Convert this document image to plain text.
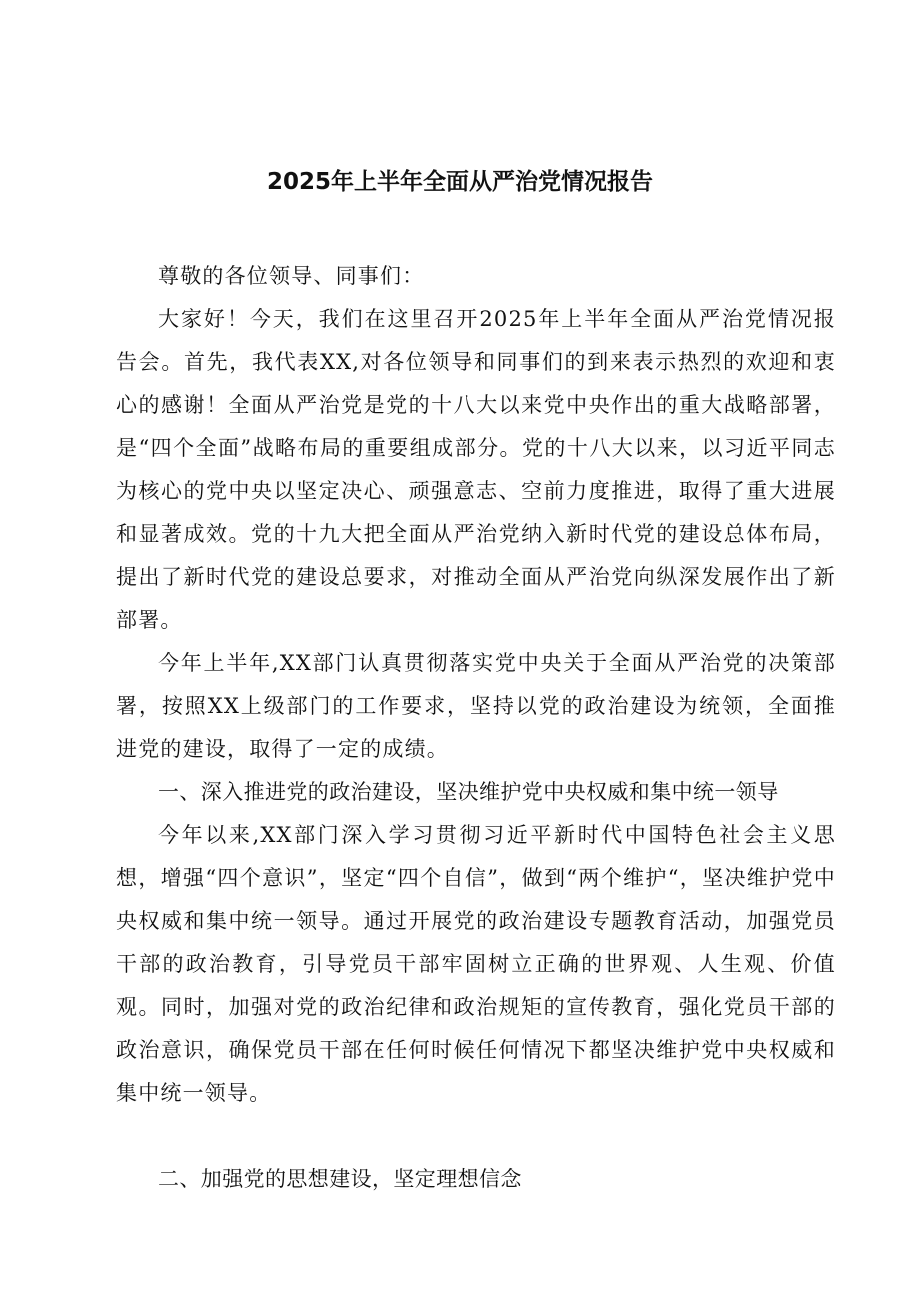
2025年上半年全面从严治党情况报告

尊敬的各位领导、同事们：

大家好！今天，我们在这里召开2025年上半年全面从严治党情况报告会。首先，我代表XX,对各位领导和同事们的到来表示热烈的欢迎和衷心的感谢！全面从严治党是党的十八大以来党中央作出的重大战略部署，是“四个全面”战略布局的重要组成部分。党的十八大以来，以习近平同志为核心的党中央以坚定决心、顽强意志、空前力度推进，取得了重大进展和显著成效。党的十九大把全面从严治党纳入新时代党的建设总体布局，提出了新时代党的建设总要求，对推动全面从严治党向纵深发展作出了新部署。

今年上半年,XX部门认真贯彻落实党中央关于全面从严治党的决策部署，按照XX上级部门的工作要求，坚持以党的政治建设为统领，全面推进党的建设，取得了一定的成绩。

一、深入推进党的政治建设，坚决维护党中央权威和集中统一领导

今年以来,XX部门深入学习贯彻习近平新时代中国特色社会主义思想，增强“四个意识”，坚定“四个自信”，做到“两个维护“，坚决维护党中央权威和集中统一领导。通过开展党的政治建设专题教育活动，加强党员干部的政治教育，引导党员干部牢固树立正确的世界观、人生观、价值观。同时，加强对党的政治纪律和政治规矩的宣传教育，强化党员干部的政治意识，确保党员干部在任何时候任何情况下都坚决维护党中央权威和集中统一领导。

二、加强党的思想建设，坚定理想信念
